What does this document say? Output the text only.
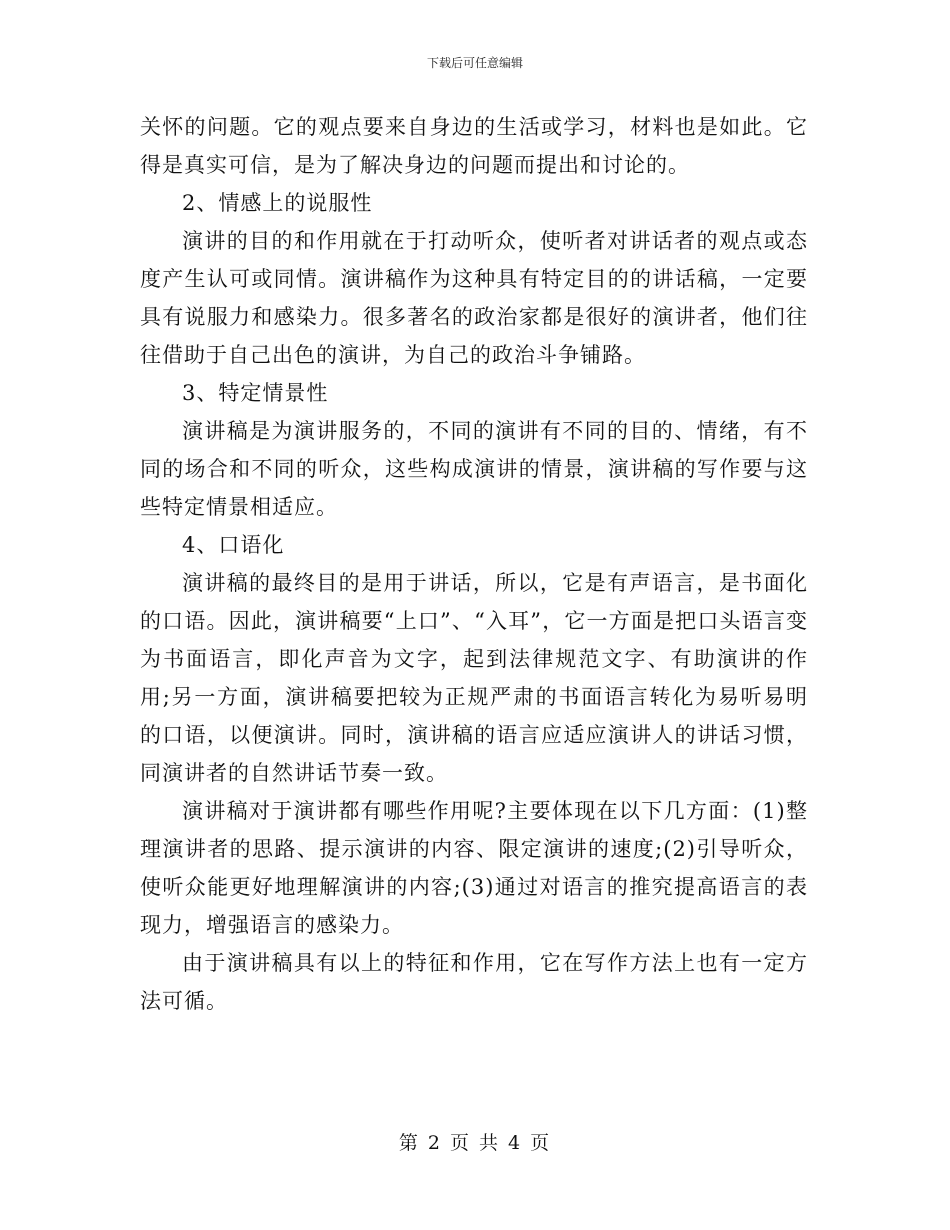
下载后可任意编辑

关怀的问题。它的观点要来自身边的生活或学习，材料也是如此。它得是真实可信，是为了解决身边的问题而提出和讨论的。

2、情感上的说服性

演讲的目的和作用就在于打动听众，使听者对讲话者的观点或态度产生认可或同情。演讲稿作为这种具有特定目的的讲话稿，一定要具有说服力和感染力。很多著名的政治家都是很好的演讲者，他们往往借助于自己出色的演讲，为自己的政治斗争铺路。

3、特定情景性

演讲稿是为演讲服务的，不同的演讲有不同的目的、情绪，有不同的场合和不同的听众，这些构成演讲的情景，演讲稿的写作要与这些特定情景相适应。

4、口语化

演讲稿的最终目的是用于讲话，所以，它是有声语言，是书面化的口语。因此，演讲稿要“上口”、“入耳”，它一方面是把口头语言变为书面语言，即化声音为文字，起到法律规范文字、有助演讲的作用;另一方面，演讲稿要把较为正规严肃的书面语言转化为易听易明的口语，以便演讲。同时，演讲稿的语言应适应演讲人的讲话习惯，同演讲者的自然讲话节奏一致。

演讲稿对于演讲都有哪些作用呢?主要体现在以下几方面：(1)整理演讲者的思路、提示演讲的内容、限定演讲的速度;(2)引导听众，使听众能更好地理解演讲的内容;(3)通过对语言的推究提高语言的表现力，增强语言的感染力。

由于演讲稿具有以上的特征和作用，它在写作方法上也有一定方法可循。

第 2 页 共 4 页
